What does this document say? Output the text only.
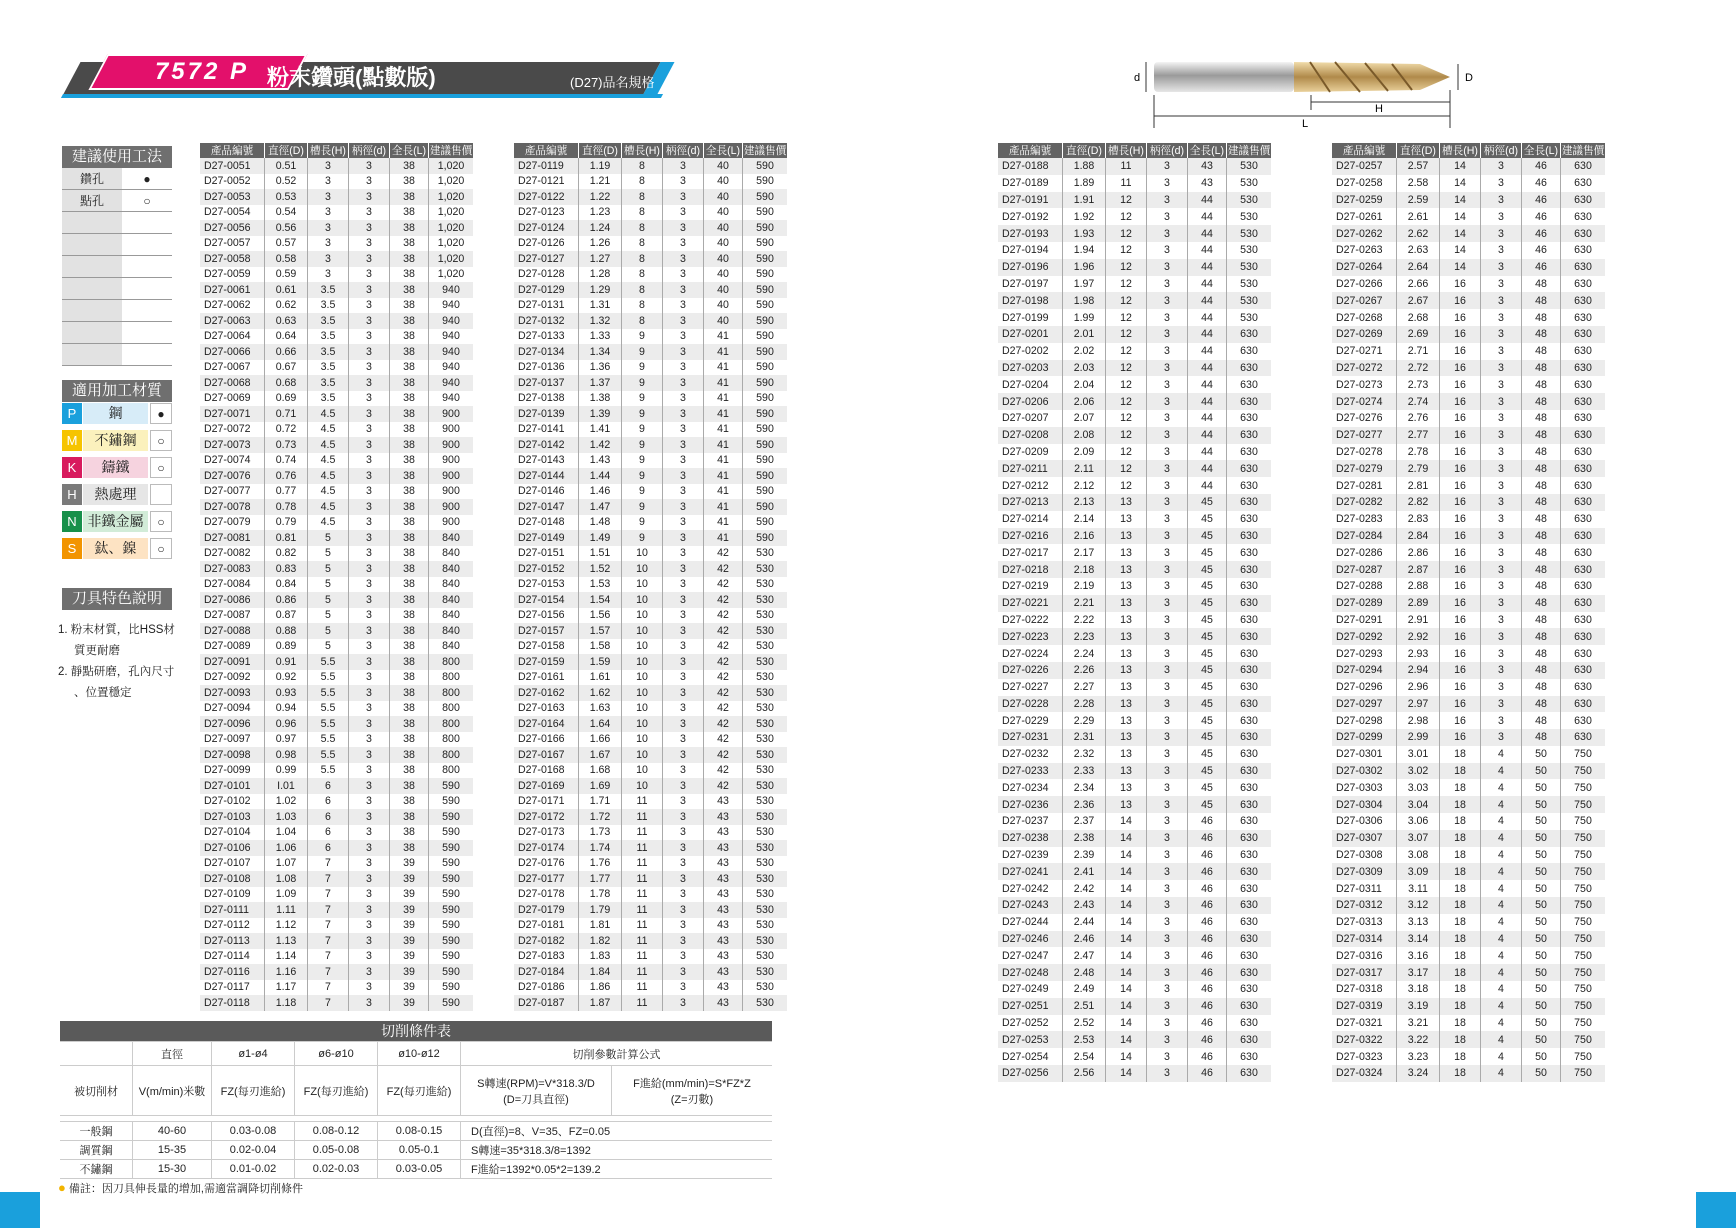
7572 P 粉末鑽頭(點數版)	(D27)品名規格
建議使用工法
鑽孔	●
點孔	○

適用加工材質
P	鋼	●
M	不鏽鋼	○
K	鑄鐵	○
H	熱處理
N 非鐵金屬	○
S	鈦、鎳	○
刀具特色說明
1. 粉末材質，比HSS材
質更耐磨
2. 靜點研磨，孔內尺寸
、位置穩定
產品編號	直徑(D)	槽長(H)	柄徑(d)	全長(L)	建議售價
D27-0051	0.51	3	3	38	1,020
D27-0052	0.52	3	3	38	1,020
D27-0053	0.53	3	3	38	1,020
D27-0054	0.54	3	3	38	1,020
D27-0056	0.56	3	3	38	1,020
D27-0057	0.57	3	3	38	1,020
D27-0058	0.58	3	3	38	1,020
D27-0059	0.59	3	3	38	1,020
D27-0061	0.61	3.5	3	38	940
D27-0062	0.62	3.5	3	38	940
D27-0063	0.63	3.5	3	38	940
D27-0064	0.64	3.5	3	38	940
D27-0066	0.66	3.5	3	38	940
D27-0067	0.67	3.5	3	38	940
D27-0068	0.68	3.5	3	38	940
D27-0069	0.69	3.5	3	38	940
D27-0071	0.71	4.5	3	38	900
D27-0072	0.72	4.5	3	38	900
D27-0073	0.73	4.5	3	38	900
D27-0074	0.74	4.5	3	38	900
D27-0076	0.76	4.5	3	38	900
D27-0077	0.77	4.5	3	38	900
D27-0078	0.78	4.5	3	38	900
D27-0079	0.79	4.5	3	38	900
D27-0081	0.81	5	3	38	840
D27-0082	0.82	5	3	38	840
D27-0083	0.83	5	3	38	840
D27-0084	0.84	5	3	38	840
D27-0086	0.86	5	3	38	840
D27-0087	0.87	5	3	38	840
D27-0088	0.88	5	3	38	840
D27-0089	0.89	5	3	38	840
D27-0091	0.91	5.5	3	38	800
D27-0092	0.92	5.5	3	38	800
D27-0093	0.93	5.5	3	38	800
D27-0094	0.94	5.5	3	38	800
D27-0096	0.96	5.5	3	38	800
D27-0097	0.97	5.5	3	38	800
D27-0098	0.98	5.5	3	38	800
D27-0099	0.99	5.5	3	38	800
D27-0101	I.01	6	3	38	590
D27-0102	1.02	6	3	38	590
D27-0103	1.03	6	3	38	590
D27-0104	1.04	6	3	38	590
D27-0106	1.06	6	3	38	590
D27-0107	1.07	7	3	39	590
D27-0108	1.08	7	3	39	590
D27-0109	1.09	7	3	39	590
D27-0111	1.11	7	3	39	590
D27-0112	1.12	7	3	39	590
D27-0113	1.13	7	3	39	590
D27-0114	1.14	7	3	39	590
D27-0116	1.16	7	3	39	590
D27-0117	1.17	7	3	39	590
D27-0118	1.18	7	3	39	590
產品編號	直徑(D)	槽長(H)	柄徑(d)	全長(L)	建議售價
D27-0119	1.19	8	3	40	590
D27-0121	1.21	8	3	40	590
D27-0122	1.22	8	3	40	590
D27-0123	1.23	8	3	40	590
D27-0124	1.24	8	3	40	590
D27-0126	1.26	8	3	40	590
D27-0127	1.27	8	3	40	590
D27-0128	1.28	8	3	40	590
D27-0129	1.29	8	3	40	590
D27-0131	1.31	8	3	40	590
D27-0132	1.32	8	3	40	590
D27-0133	1.33	9	3	41	590
D27-0134	1.34	9	3	41	590
D27-0136	1.36	9	3	41	590
D27-0137	1.37	9	3	41	590
D27-0138	1.38	9	3	41	590
D27-0139	1.39	9	3	41	590
D27-0141	1.41	9	3	41	590
D27-0142	1.42	9	3	41	590
D27-0143	1.43	9	3	41	590
D27-0144	1.44	9	3	41	590
D27-0146	1.46	9	3	41	590
D27-0147	1.47	9	3	41	590
D27-0148	1.48	9	3	41	590
D27-0149	1.49	9	3	41	590
D27-0151	1.51	10	3	42	530
D27-0152	1.52	10	3	42	530
D27-0153	1.53	10	3	42	530
D27-0154	1.54	10	3	42	530
D27-0156	1.56	10	3	42	530
D27-0157	1.57	10	3	42	530
D27-0158	1.58	10	3	42	530
D27-0159	1.59	10	3	42	530
D27-0161	1.61	10	3	42	530
D27-0162	1.62	10	3	42	530
D27-0163	1.63	10	3	42	530
D27-0164	1.64	10	3	42	530
D27-0166	1.66	10	3	42	530
D27-0167	1.67	10	3	42	530
D27-0168	1.68	10	3	42	530
D27-0169	1.69	10	3	42	530
D27-0171	1.71	11	3	43	530
D27-0172	1.72	11	3	43	530
D27-0173	1.73	11	3	43	530
D27-0174	1.74	11	3	43	530
D27-0176	1.76	11	3	43	530
D27-0177	1.77	11	3	43	530
D27-0178	1.78	11	3	43	530
D27-0179	1.79	11	3	43	530
D27-0181	1.81	11	3	43	530
D27-0182	1.82	11	3	43	530
D27-0183	1.83	11	3	43	530
D27-0184	1.84	11	3	43	530
D27-0186	1.86	11	3	43	530
D27-0187	1.87	11	3	43	530
產品編號	直徑(D)	槽長(H)	柄徑(d)	全長(L)	建議售價
D27-0188	1.88	11	3	43	530
D27-0189	1.89	11	3	43	530
D27-0191	1.91	12	3	44	530
D27-0192	1.92	12	3	44	530
D27-0193	1.93	12	3	44	530
D27-0194	1.94	12	3	44	530
D27-0196	1.96	12	3	44	530
D27-0197	1.97	12	3	44	530
D27-0198	1.98	12	3	44	530
D27-0199	1.99	12	3	44	530
D27-0201	2.01	12	3	44	630
D27-0202	2.02	12	3	44	630
D27-0203	2.03	12	3	44	630
D27-0204	2.04	12	3	44	630
D27-0206	2.06	12	3	44	630
D27-0207	2.07	12	3	44	630
D27-0208	2.08	12	3	44	630
D27-0209	2.09	12	3	44	630
D27-0211	2.11	12	3	44	630
D27-0212	2.12	12	3	44	630
D27-0213	2.13	13	3	45	630
D27-0214	2.14	13	3	45	630
D27-0216	2.16	13	3	45	630
D27-0217	2.17	13	3	45	630
D27-0218	2.18	13	3	45	630
D27-0219	2.19	13	3	45	630
D27-0221	2.21	13	3	45	630
D27-0222	2.22	13	3	45	630
D27-0223	2.23	13	3	45	630
D27-0224	2.24	13	3	45	630
D27-0226	2.26	13	3	45	630
D27-0227	2.27	13	3	45	630
D27-0228	2.28	13	3	45	630
D27-0229	2.29	13	3	45	630
D27-0231	2.31	13	3	45	630
D27-0232	2.32	13	3	45	630
D27-0233	2.33	13	3	45	630
D27-0234	2.34	13	3	45	630
D27-0236	2.36	13	3	45	630
D27-0237	2.37	14	3	46	630
D27-0238	2.38	14	3	46	630
D27-0239	2.39	14	3	46	630
D27-0241	2.41	14	3	46	630
D27-0242	2.42	14	3	46	630
D27-0243	2.43	14	3	46	630
D27-0244	2.44	14	3	46	630
D27-0246	2.46	14	3	46	630
D27-0247	2.47	14	3	46	630
D27-0248	2.48	14	3	46	630
D27-0249	2.49	14	3	46	630
D27-0251	2.51	14	3	46	630
D27-0252	2.52	14	3	46	630
D27-0253	2.53	14	3	46	630
D27-0254	2.54	14	3	46	630
D27-0256	2.56	14	3	46	630
產品編號	直徑(D)	槽長(H)	柄徑(d)	全長(L)	建議售價
D27-0257	2.57	14	3	46	630
D27-0258	2.58	14	3	46	630
D27-0259	2.59	14	3	46	630
D27-0261	2.61	14	3	46	630
D27-0262	2.62	14	3	46	630
D27-0263	2.63	14	3	46	630
D27-0264	2.64	14	3	46	630
D27-0266	2.66	16	3	48	630
D27-0267	2.67	16	3	48	630
D27-0268	2.68	16	3	48	630
D27-0269	2.69	16	3	48	630
D27-0271	2.71	16	3	48	630
D27-0272	2.72	16	3	48	630
D27-0273	2.73	16	3	48	630
D27-0274	2.74	16	3	48	630
D27-0276	2.76	16	3	48	630
D27-0277	2.77	16	3	48	630
D27-0278	2.78	16	3	48	630
D27-0279	2.79	16	3	48	630
D27-0281	2.81	16	3	48	630
D27-0282	2.82	16	3	48	630
D27-0283	2.83	16	3	48	630
D27-0284	2.84	16	3	48	630
D27-0286	2.86	16	3	48	630
D27-0287	2.87	16	3	48	630
D27-0288	2.88	16	3	48	630
D27-0289	2.89	16	3	48	630
D27-0291	2.91	16	3	48	630
D27-0292	2.92	16	3	48	630
D27-0293	2.93	16	3	48	630
D27-0294	2.94	16	3	48	630
D27-0296	2.96	16	3	48	630
D27-0297	2.97	16	3	48	630
D27-0298	2.98	16	3	48	630
D27-0299	2.99	16	3	48	630
D27-0301	3.01	18	4	50	750
D27-0302	3.02	18	4	50	750
D27-0303	3.03	18	4	50	750
D27-0304	3.04	18	4	50	750
D27-0306	3.06	18	4	50	750
D27-0307	3.07	18	4	50	750
D27-0308	3.08	18	4	50	750
D27-0309	3.09	18	4	50	750
D27-0311	3.11	18	4	50	750
D27-0312	3.12	18	4	50	750
D27-0313	3.13	18	4	50	750
D27-0314	3.14	18	4	50	750
D27-0316	3.16	18	4	50	750
D27-0317	3.17	18	4	50	750
D27-0318	3.18	18	4	50	750
D27-0319	3.19	18	4	50	750
D27-0321	3.21	18	4	50	750
D27-0322	3.22	18	4	50	750
D27-0323	3.23	18	4	50	750
D27-0324	3.24	18	4	50	750
d	D
L
H
切削條件表						
	直徑	ø1-ø4	ø6-ø10	ø10-ø12	切削參數計算公式	
被切削材	V(m/min)米數	FZ(每刃進給)	FZ(每刃進給)	FZ(每刃進給)	S轉速(RPM)=V*318.3/D
(D=刀具直徑)	F進給(mm/min)=S*FZ*Z
(Z=刃數)

一般鋼	40-60	0.03-0.08	0.08-0.12	0.08-0.15	D(直徑)=8、V=35、FZ=0.05	
調質鋼	15-35	0.02-0.04	0.05-0.08	0.05-0.1	S轉速=35*318.3/8=1392	
不鏽鋼	15-30	0.01-0.02	0.02-0.03	0.03-0.05	F進給=1392*0.05*2=139.2	
● 備註：因刀具伸長量的增加,需適當調降切削條件
